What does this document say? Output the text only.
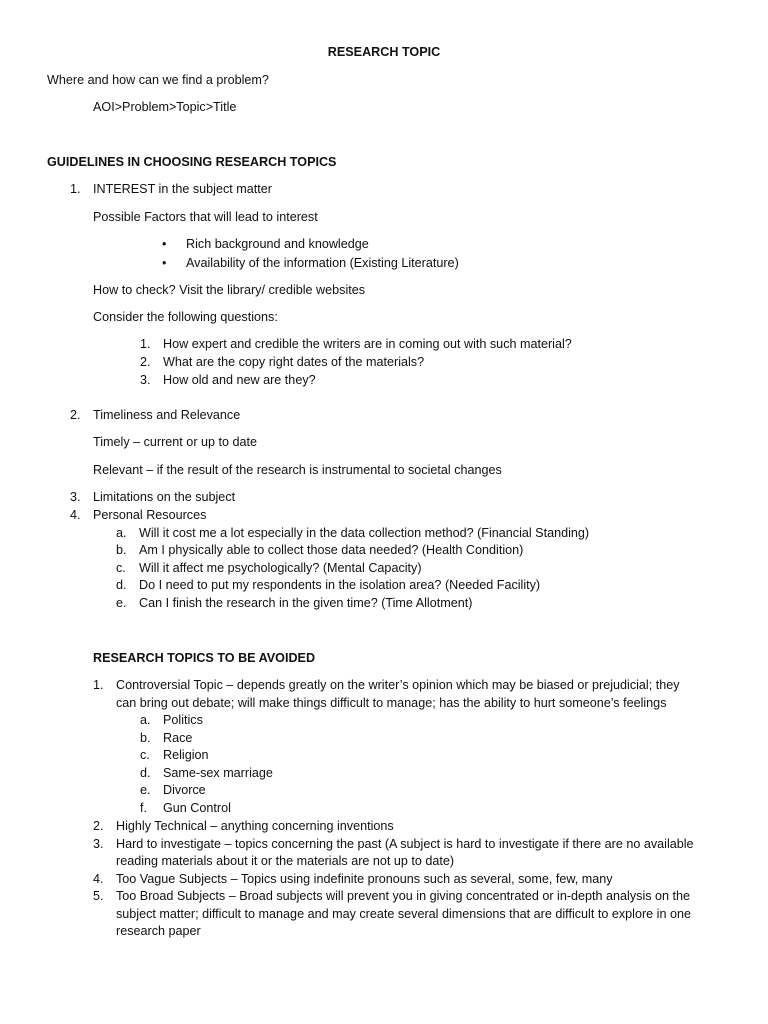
RESEARCH TOPIC
Where and how can we find a problem?
AOI>Problem>Topic>Title
GUIDELINES IN CHOOSING RESEARCH TOPICS
1. INTEREST in the subject matter
Possible Factors that will lead to interest
• Rich background and knowledge
• Availability of the information (Existing Literature)
How to check? Visit the library/ credible websites
Consider the following questions:
1. How expert and credible the writers are in coming out with such material?
2. What are the copy right dates of the materials?
3. How old and new are they?
2. Timeliness and Relevance
Timely – current or up to date
Relevant – if the result of the research is instrumental to societal changes
3. Limitations on the subject
4. Personal Resources
a. Will it cost me a lot especially in the data collection method? (Financial Standing)
b. Am I physically able to collect those data needed? (Health Condition)
c. Will it affect me psychologically? (Mental Capacity)
d. Do I need to put my respondents in the isolation area? (Needed Facility)
e. Can I finish the research in the given time? (Time Allotment)
RESEARCH TOPICS TO BE AVOIDED
1. Controversial Topic – depends greatly on the writer’s opinion which may be biased or prejudicial; they
can bring out debate; will make things difficult to manage; has the ability to hurt someone’s feelings
a. Politics
b. Race
c. Religion
d. Same-sex marriage
e. Divorce
f. Gun Control
2. Highly Technical – anything concerning inventions
3. Hard to investigate – topics concerning the past (A subject is hard to investigate if there are no available
reading materials about it or the materials are not up to date)
4. Too Vague Subjects – Topics using indefinite pronouns such as several, some, few, many
5. Too Broad Subjects – Broad subjects will prevent you in giving concentrated or in-depth analysis on the
subject matter; difficult to manage and may create several dimensions that are difficult to explore in one
research paper
